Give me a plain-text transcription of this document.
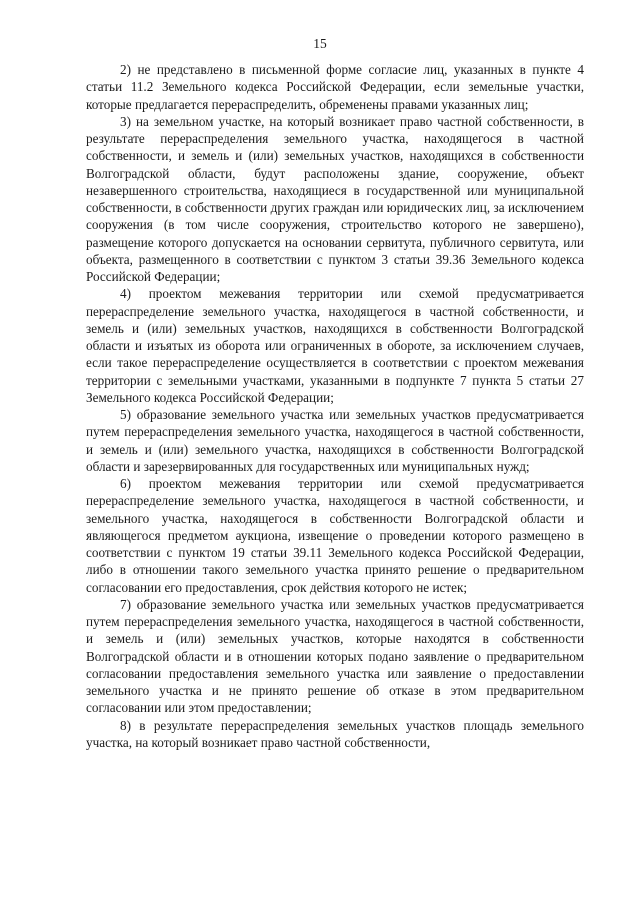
15

2) не представлено в письменной форме согласие лиц, указанных в пункте 4 статьи 11.2 Земельного кодекса Российской Федерации, если земельные участки, которые предлагается перераспределить, обременены правами указанных лиц;

3) на земельном участке, на который возникает право частной собственности, в результате перераспределения земельного участка, находящегося в частной собственности, и земель и (или) земельных участков, находящихся в собственности Волгоградской области, будут расположены здание, сооружение, объект незавершенного строительства, находящиеся в государственной или муниципальной собственности, в собственности других граждан или юридических лиц, за исключением сооружения (в том числе сооружения, строительство которого не завершено), размещение которого допускается на основании сервитута, публичного сервитута, или объекта, размещенного в соответствии с пунктом 3 статьи 39.36 Земельного кодекса Российской Федерации;

4) проектом межевания территории или схемой предусматривается перераспределение земельного участка, находящегося в частной собственности, и земель и (или) земельных участков, находящихся в собственности Волгоградской области и изъятых из оборота или ограниченных в обороте, за исключением случаев, если такое перераспределение осуществляется в соответствии с проектом межевания территории с земельными участками, указанными в подпункте 7 пункта 5 статьи 27 Земельного кодекса Российской Федерации;

5) образование земельного участка или земельных участков предусматривается путем перераспределения земельного участка, находящегося в частной собственности, и земель и (или) земельного участка, находящихся в собственности Волгоградской области и зарезервированных для государственных или муниципальных нужд;

6) проектом межевания территории или схемой предусматривается перераспределение земельного участка, находящегося в частной собственности, и земельного участка, находящегося в собственности Волгоградской области и являющегося предметом аукциона, извещение о проведении которого размещено в соответствии с пунктом 19 статьи 39.11 Земельного кодекса Российской Федерации, либо в отношении такого земельного участка принято решение о предварительном согласовании его предоставления, срок действия которого не истек;

7) образование земельного участка или земельных участков предусматривается путем перераспределения земельного участка, находящегося в частной собственности, и земель и (или) земельных участков, которые находятся в собственности Волгоградской области и в отношении которых подано заявление о предварительном согласовании предоставления земельного участка или заявление о предоставлении земельного участка и не принято решение об отказе в этом предварительном согласовании или этом предоставлении;

8) в результате перераспределения земельных участков площадь земельного участка, на который возникает право частной собственности,
